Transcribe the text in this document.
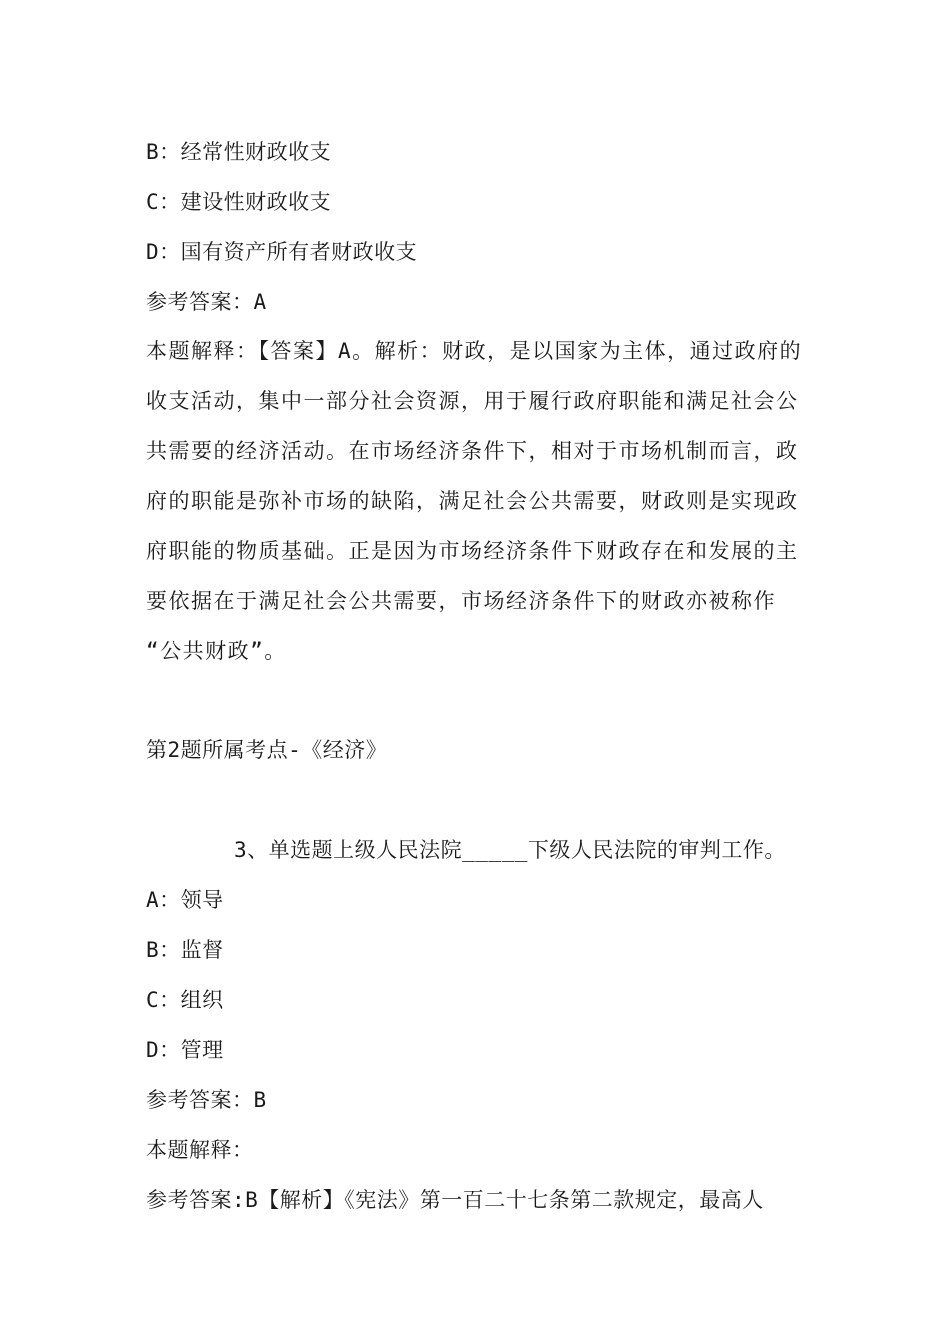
B：经常性财政收支
C：建设性财政收支
D：国有资产所有者财政收支
参考答案：A
本题解释：【答案】A。解析：财政，是以国家为主体，通过政府的
收支活动，集中一部分社会资源，用于履行政府职能和满足社会公
共需要的经济活动。在市场经济条件下，相对于市场机制而言，政
府的职能是弥补市场的缺陷，满足社会公共需要，财政则是实现政
府职能的物质基础。正是因为市场经济条件下财政存在和发展的主
要依据在于满足社会公共需要，市场经济条件下的财政亦被称作
“公共财政”。
第2题所属考点-《经济》
3、单选题上级人民法院_____下级人民法院的审判工作。
A：领导
B：监督
C：组织
D：管理
参考答案：B
本题解释：
参考答案:B【解析】《宪法》第一百二十七条第二款规定，最高人
